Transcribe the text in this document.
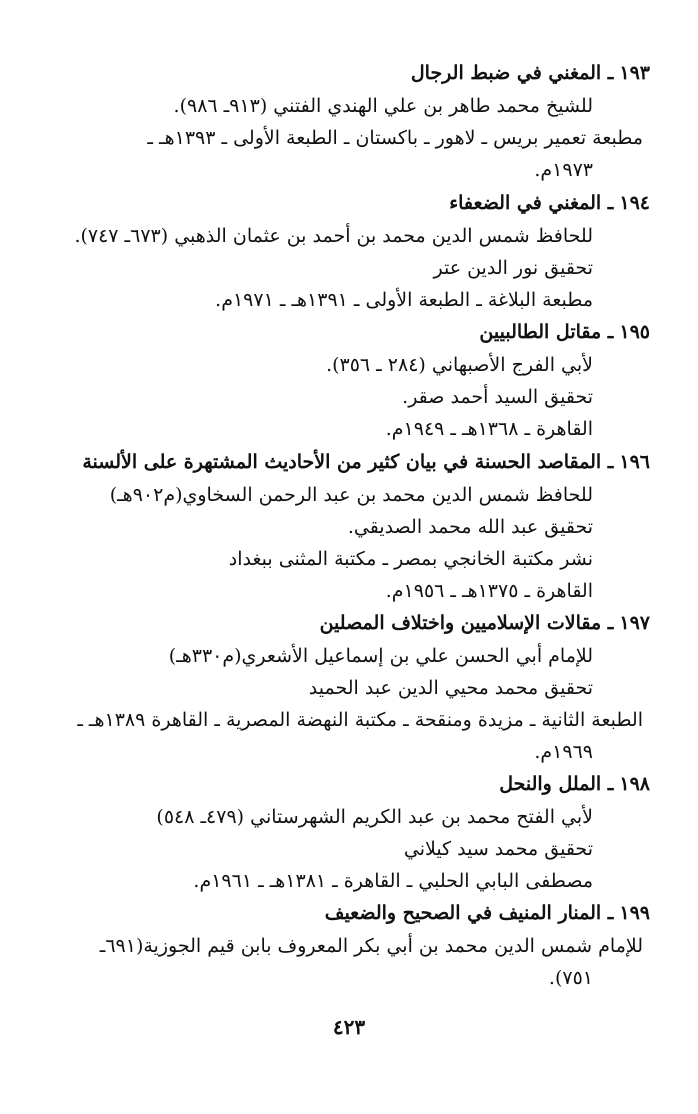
١٩٣ـ المغني في ضبط الرجال
للشيخ محمد طاهر بن علي الهندي الفتني (٩١٣ـ ٩٨٦).
مطبعة تعمير بريس ـ لاهور ـ باكستان ـ الطبعة الأولى ـ ١٣٩٣هـ ـ
١٩٧٣م.
١٩٤ـ المغني في الضعفاء
للحافظ شمس الدين محمد بن أحمد بن عثمان الذهبي (٦٧٣ـ ٧٤٧).
تحقيق نور الدين عتر
مطبعة البلاغة ـ الطبعة الأولى ـ ١٣٩١هـ ـ ١٩٧١م.
١٩٥ـ مقاتل الطالبيين
لأبي الفرج الأصبهاني (٢٨٤ ـ ٣٥٦).
تحقيق السيد أحمد صقر.
القاهرة ـ ١٣٦٨هـ ـ ١٩٤٩م.
١٩٦ـ المقاصد الحسنة في بيان كثير من الأحاديث المشتهرة على الألسنة
للحافظ شمس الدين محمد بن عبد الرحمن السخاوي(م٩٠٢هـ)
تحقيق عبد الله محمد الصديقي.
نشر مكتبة الخانجي بمصر ـ مكتبة المثنى ببغداد
القاهرة ـ ١٣٧٥هـ ـ ١٩٥٦م.
١٩٧ـ مقالات الإسلاميين واختلاف المصلين
للإمام أبي الحسن علي بن إسماعيل الأشعري(م٣٣٠هـ)
تحقيق محمد محيي الدين عبد الحميد
الطبعة الثانية ـ مزيدة ومنقحة ـ مكتبة النهضة المصرية ـ القاهرة ١٣٨٩هـ ـ
١٩٦٩م.
١٩٨ـ الملل والنحل
لأبي الفتح محمد بن عبد الكريم الشهرستاني (٤٧٩ـ ٥٤٨)
تحقيق محمد سيد كيلاني
مصطفى البابي الحلبي ـ القاهرة ـ ١٣٨١هـ ـ ١٩٦١م.
١٩٩ـ المنار المنيف في الصحيح والضعيف
للإمام شمس الدين محمد بن أبي بكر المعروف بابن قيم الجوزية(٦٩١ـ
٧٥١).
٤٢٣
